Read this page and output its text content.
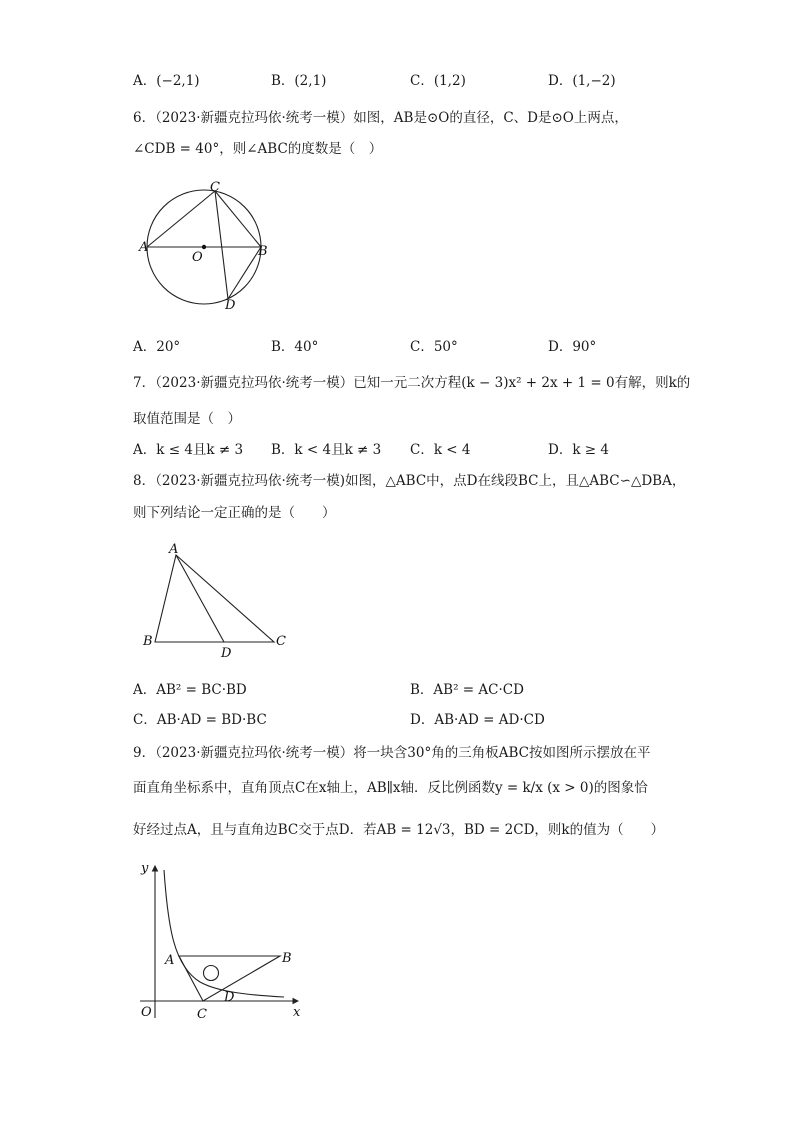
A．(−2,1)	B．(2,1)	C．(1,2)	D．(1,−2)
6．（2023·新疆克拉玛依·统考一模）如图，AB是⊙O的直径，C、D是⊙O上两点，
∠CDB = 40°，则∠ABC的度数是（　）
A	B
C
D
O
A．20°	B．40°	C．50°	D．90°
7．（2023·新疆克拉玛依·统考一模）已知一元二次方程(k − 3)x² + 2x + 1 = 0有解，则k的
取值范围是（　）
A．k ≤ 4且k ≠ 3 B．k < 4且k ≠ 3 C．k < 4	D．k ≥ 4
8．（2023·新疆克拉玛依·统考一模)如图，△ABC中，点D在线段BC上，且△ABC∽△DBA，
则下列结论一定正确的是（　　）
A
B	C
D
A．AB² = BC·BD	B．AB² = AC·CD
C．AB·AD = BD·BC	D．AB·AD = AD·CD
9．（2023·新疆克拉玛依·统考一模）将一块含30°角的三角板ABC按如图所示摆放在平
面直角坐标系中，直角顶点C在x轴上，AB∥x轴．反比例函数y = k/x (x > 0)的图象恰
好经过点A，且与直角边BC交于点D．若AB = 12√3，BD = 2CD，则k的值为（　　）
y
A	B
D
O	C	x
